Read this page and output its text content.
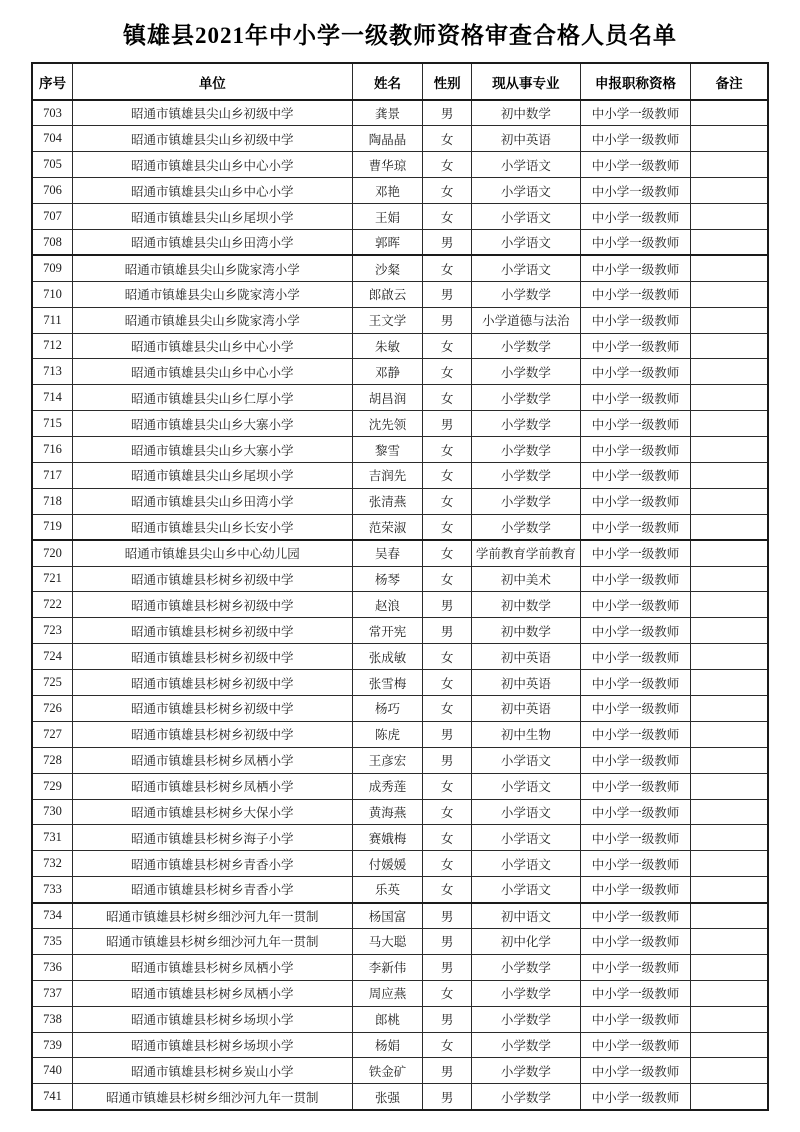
镇雄县2021年中小学一级教师资格审查合格人员名单
序号	单位	姓名	性别	现从事专业	申报职称资格	备注
703	昭通市镇雄县尖山乡初级中学	龚景	男	初中数学	中小学一级教师	
704	昭通市镇雄县尖山乡初级中学	陶晶晶	女	初中英语	中小学一级教师	
705	昭通市镇雄县尖山乡中心小学	曹华琼	女	小学语文	中小学一级教师	
706	昭通市镇雄县尖山乡中心小学	邓艳	女	小学语文	中小学一级教师	
707	昭通市镇雄县尖山乡尾坝小学	王娟	女	小学语文	中小学一级教师	
708	昭通市镇雄县尖山乡田湾小学	郭晖	男	小学语文	中小学一级教师	
709	昭通市镇雄县尖山乡陇家湾小学	沙粲	女	小学语文	中小学一级教师	
710	昭通市镇雄县尖山乡陇家湾小学	郎啟云	男	小学数学	中小学一级教师	
711	昭通市镇雄县尖山乡陇家湾小学	王文学	男	小学道德与法治	中小学一级教师	
712	昭通市镇雄县尖山乡中心小学	朱敏	女	小学数学	中小学一级教师	
713	昭通市镇雄县尖山乡中心小学	邓静	女	小学数学	中小学一级教师	
714	昭通市镇雄县尖山乡仁厚小学	胡昌润	女	小学数学	中小学一级教师	
715	昭通市镇雄县尖山乡大寨小学	沈先领	男	小学数学	中小学一级教师	
716	昭通市镇雄县尖山乡大寨小学	黎雪	女	小学数学	中小学一级教师	
717	昭通市镇雄县尖山乡尾坝小学	吉润先	女	小学数学	中小学一级教师	
718	昭通市镇雄县尖山乡田湾小学	张清燕	女	小学数学	中小学一级教师	
719	昭通市镇雄县尖山乡长安小学	范荣淑	女	小学数学	中小学一级教师	
720	昭通市镇雄县尖山乡中心幼儿园	吴春	女	学前教育学前教育	中小学一级教师	
721	昭通市镇雄县杉树乡初级中学	杨琴	女	初中美术	中小学一级教师	
722	昭通市镇雄县杉树乡初级中学	赵浪	男	初中数学	中小学一级教师	
723	昭通市镇雄县杉树乡初级中学	常开宪	男	初中数学	中小学一级教师	
724	昭通市镇雄县杉树乡初级中学	张成敏	女	初中英语	中小学一级教师	
725	昭通市镇雄县杉树乡初级中学	张雪梅	女	初中英语	中小学一级教师	
726	昭通市镇雄县杉树乡初级中学	杨巧	女	初中英语	中小学一级教师	
727	昭通市镇雄县杉树乡初级中学	陈虎	男	初中生物	中小学一级教师	
728	昭通市镇雄县杉树乡凤栖小学	王彦宏	男	小学语文	中小学一级教师	
729	昭通市镇雄县杉树乡凤栖小学	成秀莲	女	小学语文	中小学一级教师	
730	昭通市镇雄县杉树乡大保小学	黄海燕	女	小学语文	中小学一级教师	
731	昭通市镇雄县杉树乡海子小学	赛娥梅	女	小学语文	中小学一级教师	
732	昭通市镇雄县杉树乡青香小学	付媛媛	女	小学语文	中小学一级教师	
733	昭通市镇雄县杉树乡青香小学	乐英	女	小学语文	中小学一级教师	
734	昭通市镇雄县杉树乡细沙河九年一贯制	杨国富	男	初中语文	中小学一级教师	
735	昭通市镇雄县杉树乡细沙河九年一贯制	马大聪	男	初中化学	中小学一级教师	
736	昭通市镇雄县杉树乡凤栖小学	李新伟	男	小学数学	中小学一级教师	
737	昭通市镇雄县杉树乡凤栖小学	周应燕	女	小学数学	中小学一级教师	
738	昭通市镇雄县杉树乡场坝小学	郎桃	男	小学数学	中小学一级教师	
739	昭通市镇雄县杉树乡场坝小学	杨娟	女	小学数学	中小学一级教师	
740	昭通市镇雄县杉树乡炭山小学	铁金矿	男	小学数学	中小学一级教师	
741	昭通市镇雄县杉树乡细沙河九年一贯制	张强	男	小学数学	中小学一级教师	
